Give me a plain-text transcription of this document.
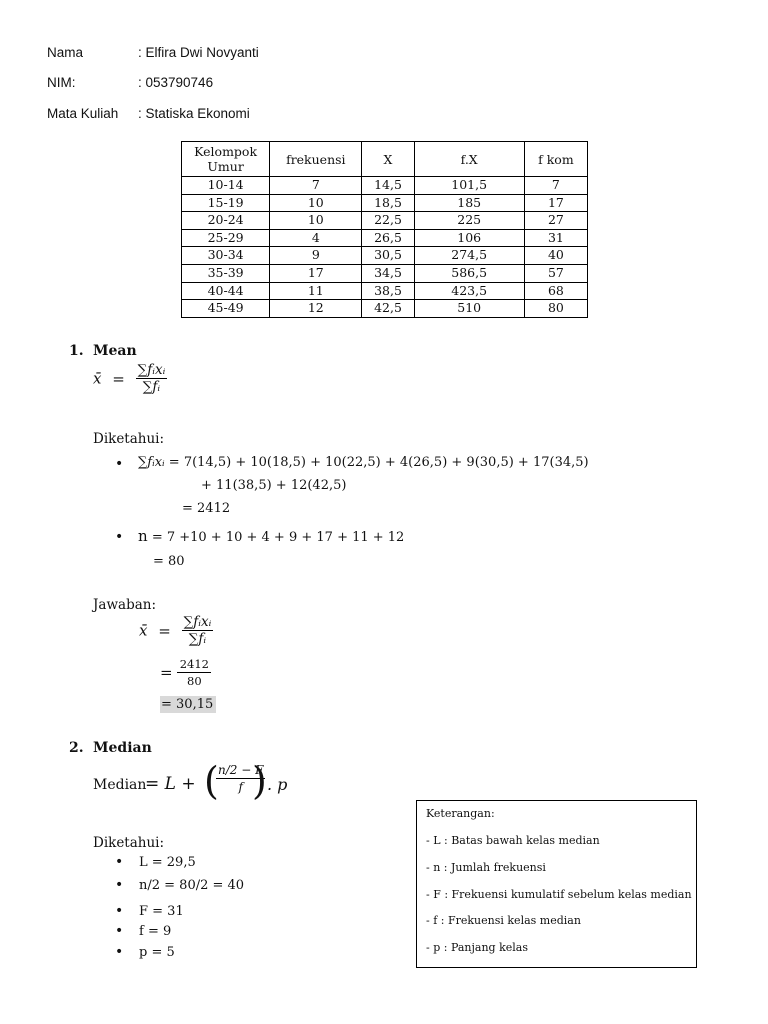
Nama	: Elfira Dwi Novyanti
NIM:	: 053790746
Mata Kuliah : Statiska Ekonomi
Kelompok
Umur	frekuensi	X	f.X	f kom
10-14	7	14,5	101,5	7
15-19	10	18,5	185	17
20-24	10	22,5	225	27
25-29	4	26,5	106	31
30-34	9	30,5	274,5	40
35-39	17	34,5	586,5	57
40-44	11	38,5	423,5	68
45-49	12	42,5	510	80
1. Mean
x̄ = $\frac{\text{∑fᵢxᵢ}}{\text{∑fᵢ}}$
Diketahui:
• ∑fᵢxᵢ = 7(14,5) + 10(18,5) + 10(22,5) + 4(26,5) + 9(30,5) + 17(34,5)
+ 11(38,5) + 12(42,5)
= 2412
• n = 7 +10 + 10 + 4 + 9 + 17 + 11 + 12
= 80
Jawaban:
x̄ = $\frac{\text{∑fᵢxᵢ}}{\text{∑fᵢ}}$
= $\frac{2412}{80}$
= 30,15
2. Median
Median
= L + (
$\frac{n/2 - F}{f}$
) . p
Diketahui:
• L = 29,5
• n/2 = 80/2 = 40
• F = 31
• f = 9
• p = 5
Keterangan:
- L : Batas bawah kelas median
- n : Jumlah frekuensi
- F : Frekuensi kumulatif sebelum kelas median
- f : Frekuensi kelas median
- p : Panjang kelas
